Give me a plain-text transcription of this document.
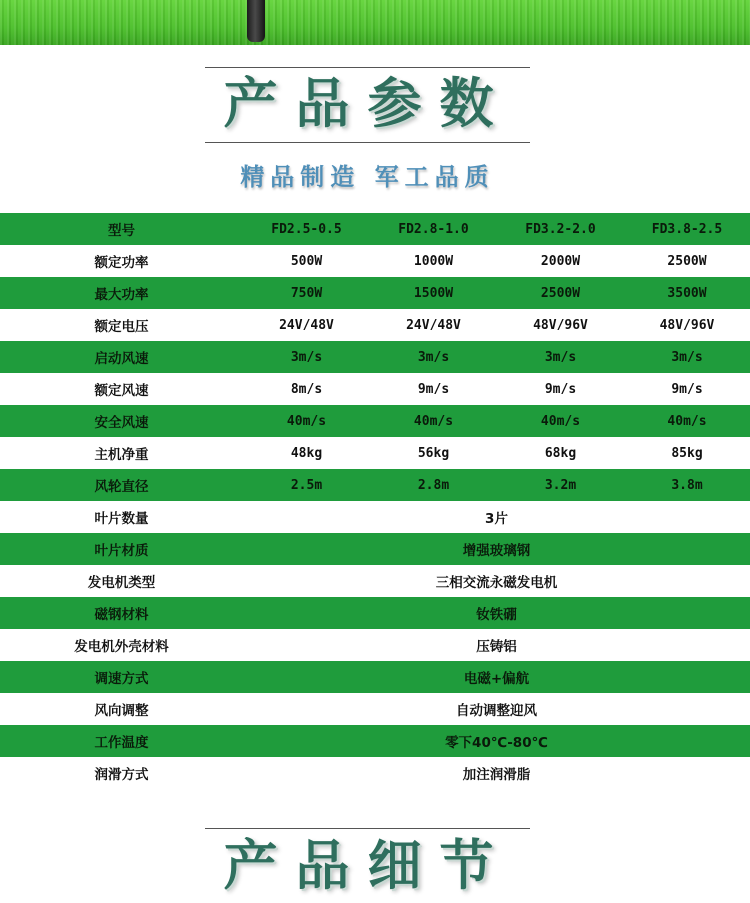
产品参数
精品制造 军工品质
型号	FD2.5-0.5	FD2.8-1.0	FD3.2-2.0	FD3.8-2.5
额定功率	500W	1000W	2000W	2500W
最大功率	750W	1500W	2500W	3500W
额定电压	24V/48V	24V/48V	48V/96V	48V/96V
启动风速	3m/s	3m/s	3m/s	3m/s
额定风速	8m/s	9m/s	9m/s	9m/s
安全风速	40m/s	40m/s	40m/s	40m/s
主机净重	48kg	56kg	68kg	85kg
风轮直径	2.5m	2.8m	3.2m	3.8m
叶片数量	3片			
叶片材质	增强玻璃钢			
发电机类型	三相交流永磁发电机			
磁钢材料	钕铁硼			
发电机外壳材料	压铸铝			
调速方式	电磁+偏航			
风向调整	自动调整迎风			
工作温度	零下40℃-80℃			
润滑方式	加注润滑脂			
产品细节
